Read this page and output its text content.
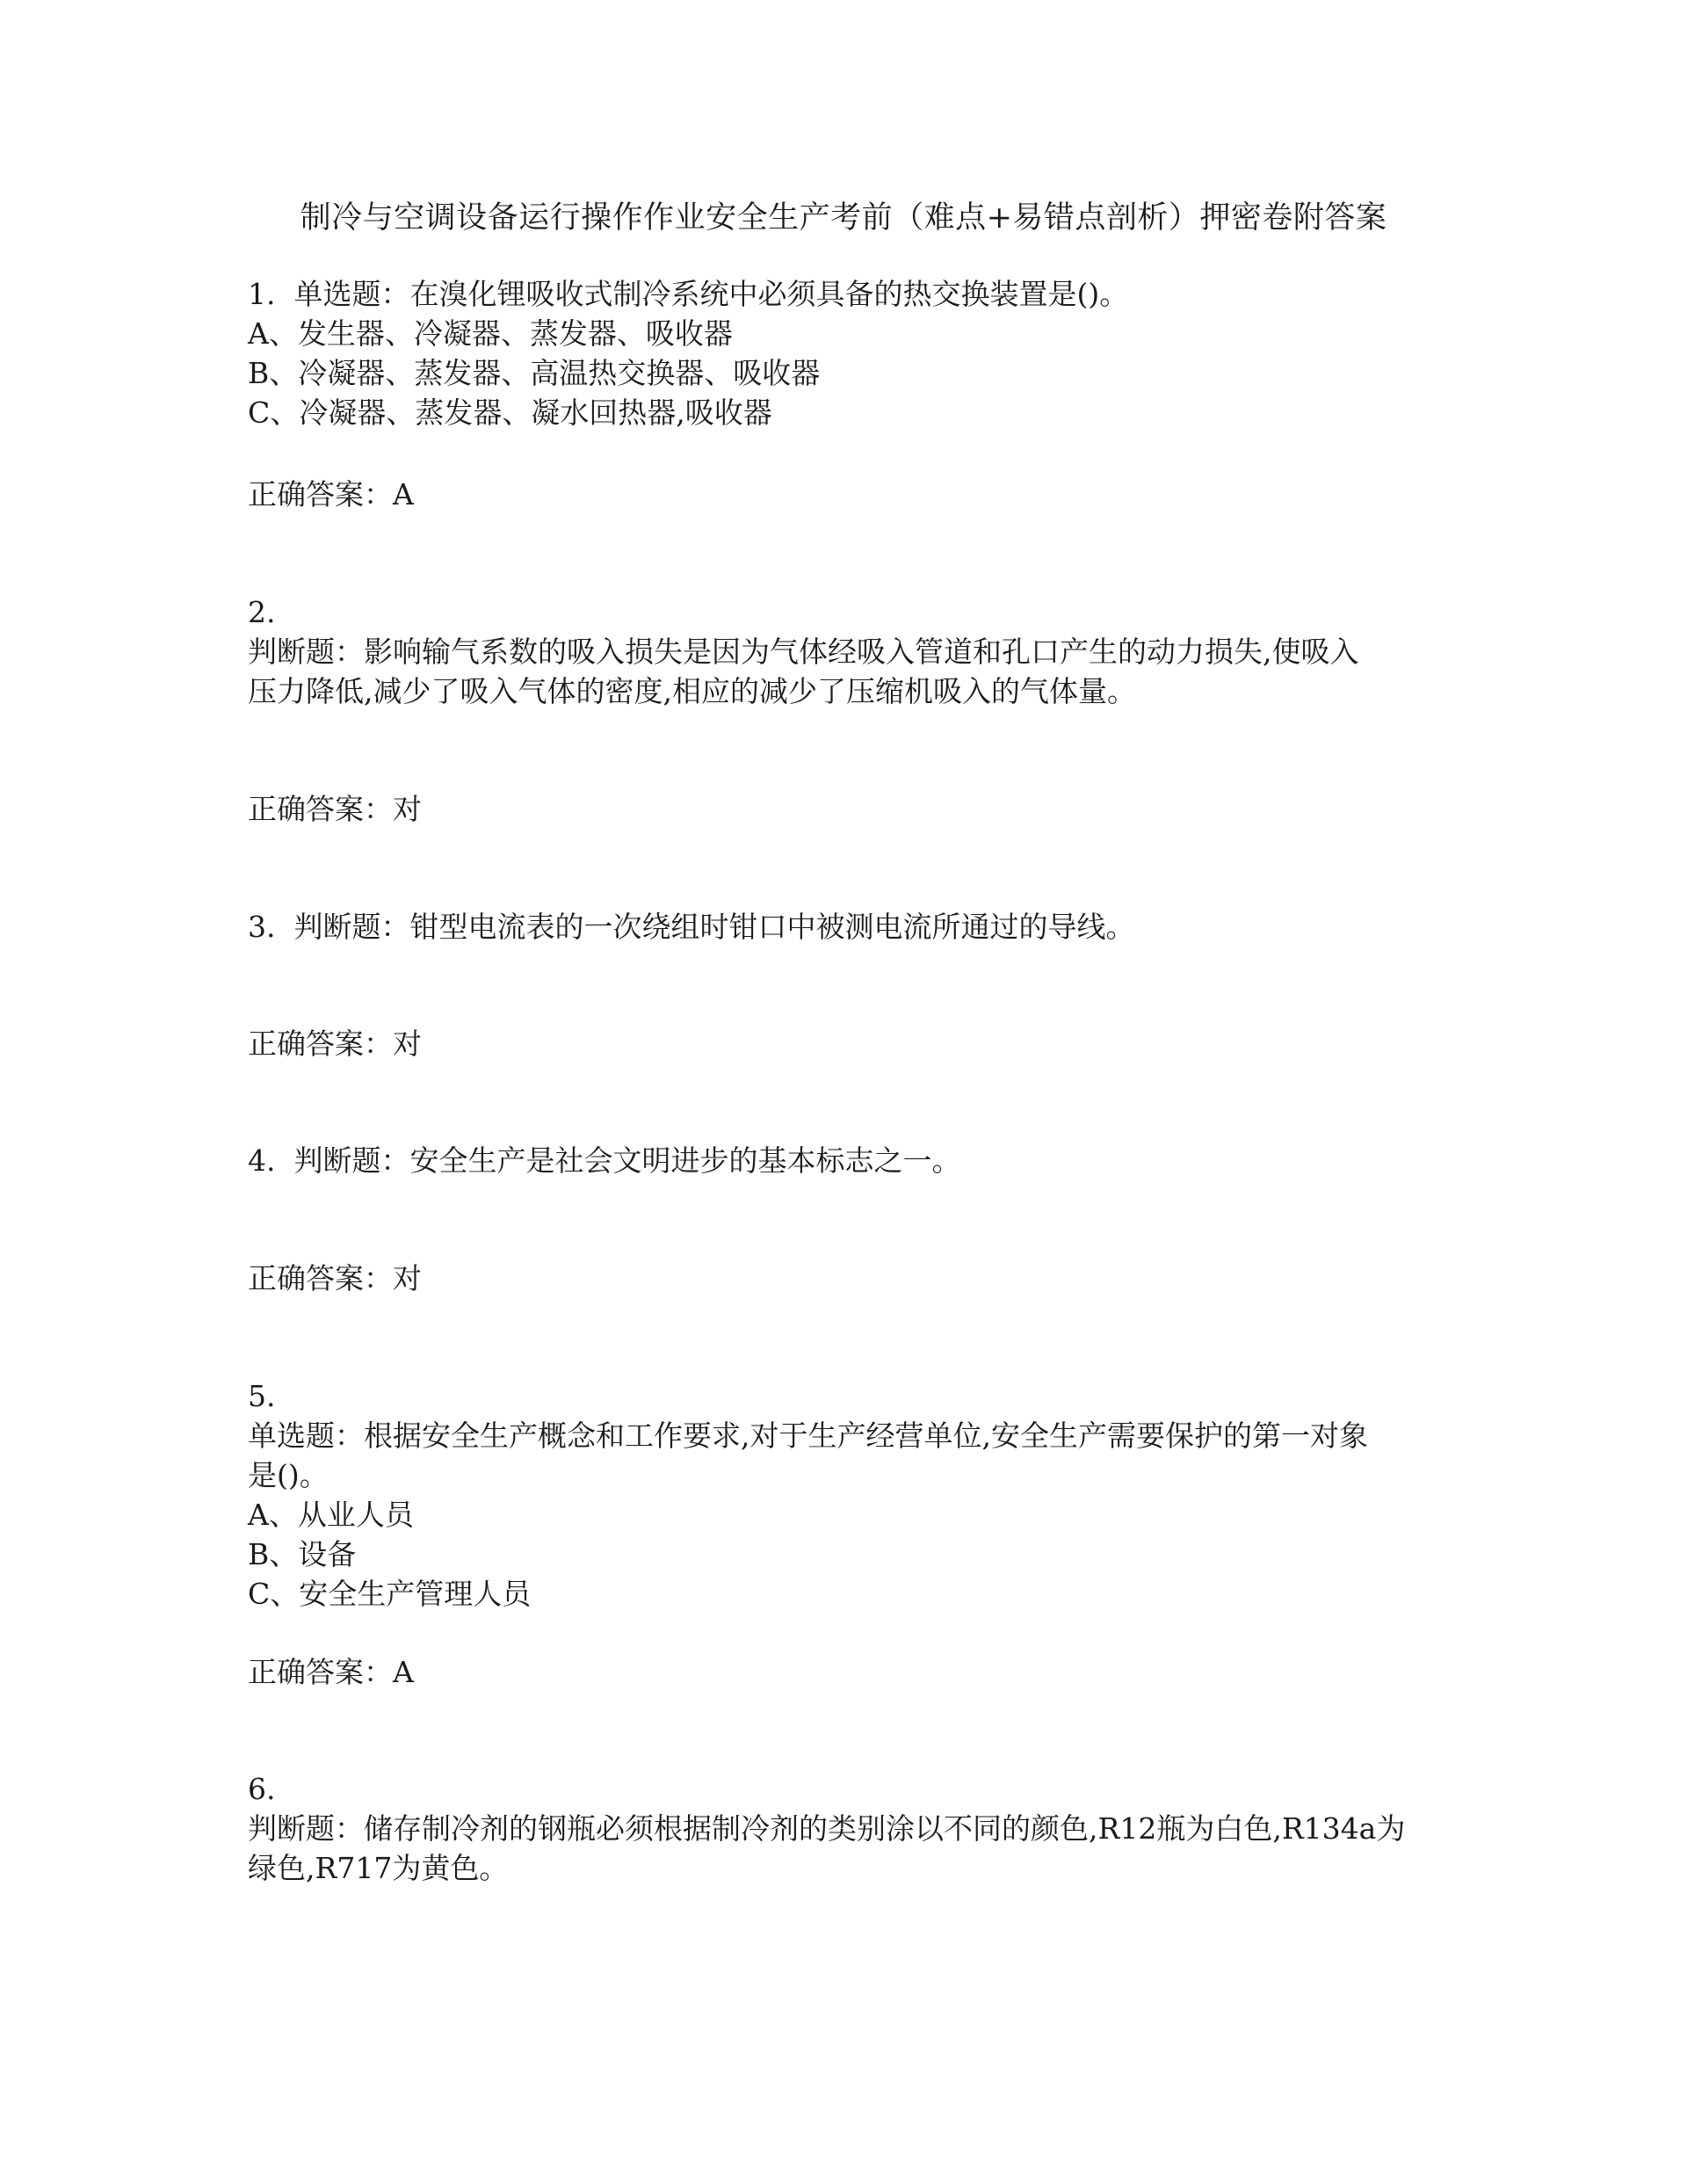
制冷与空调设备运行操作作业安全生产考前（难点+易错点剖析）押密卷附答案
1. 单选题：在溴化锂吸收式制冷系统中必须具备的热交换装置是()。
A、发生器、冷凝器、蒸发器、吸收器
B、冷凝器、蒸发器、高温热交换器、吸收器
C、冷凝器、蒸发器、凝水回热器,吸收器
正确答案：A
2.
判断题：影响输气系数的吸入损失是因为气体经吸入管道和孔口产生的动力损失,使吸入
压力降低,减少了吸入气体的密度,相应的减少了压缩机吸入的气体量。
正确答案：对
3. 判断题：钳型电流表的一次绕组时钳口中被测电流所通过的导线。
正确答案：对
4. 判断题：安全生产是社会文明进步的基本标志之一。
正确答案：对
5.
单选题：根据安全生产概念和工作要求,对于生产经营单位,安全生产需要保护的第一对象
是()。
A、从业人员
B、设备
C、安全生产管理人员
正确答案：A
6.
判断题：储存制冷剂的钢瓶必须根据制冷剂的类别涂以不同的颜色,R12瓶为白色,R134a为
绿色,R717为黄色。
